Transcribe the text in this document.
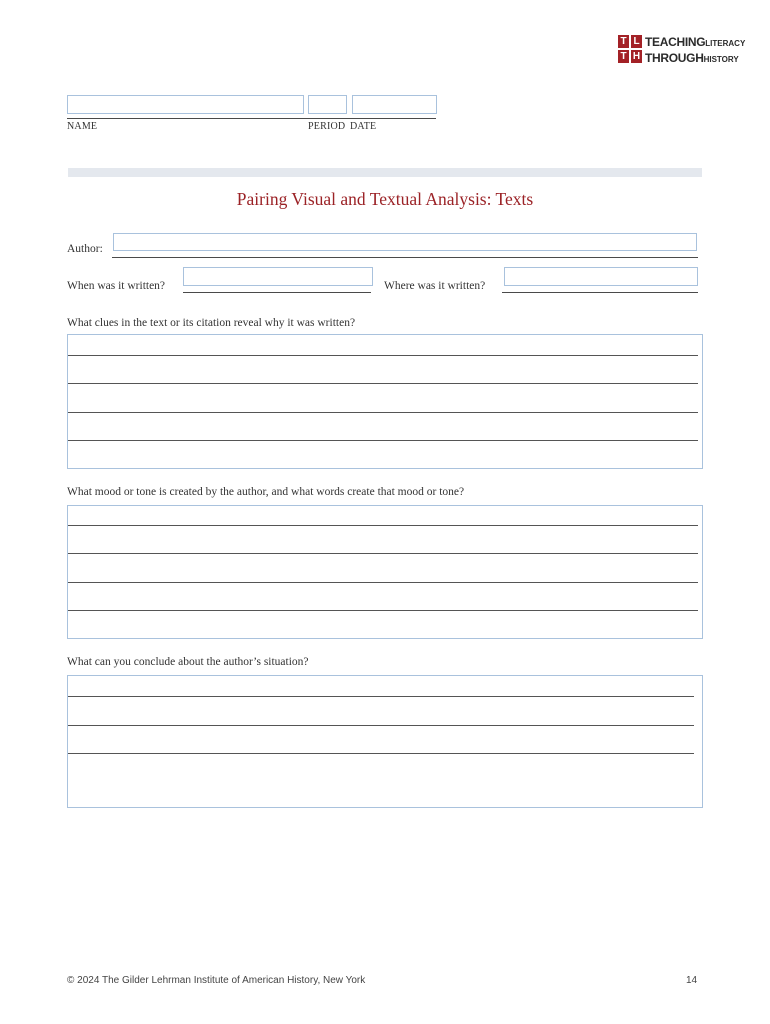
T L
T H
TEACHINGLITERACY
THROUGHHISTORY
NAME	PERIOD DATE
Pairing Visual and Textual Analysis: Texts
Author:
When was it written?	Where was it written?
What clues in the text or its citation reveal why it was written?
What mood or tone is created by the author, and what words create that mood or tone?
What can you conclude about the author’s situation?
© 2024 The Gilder Lehrman Institute of American History, New York	14
